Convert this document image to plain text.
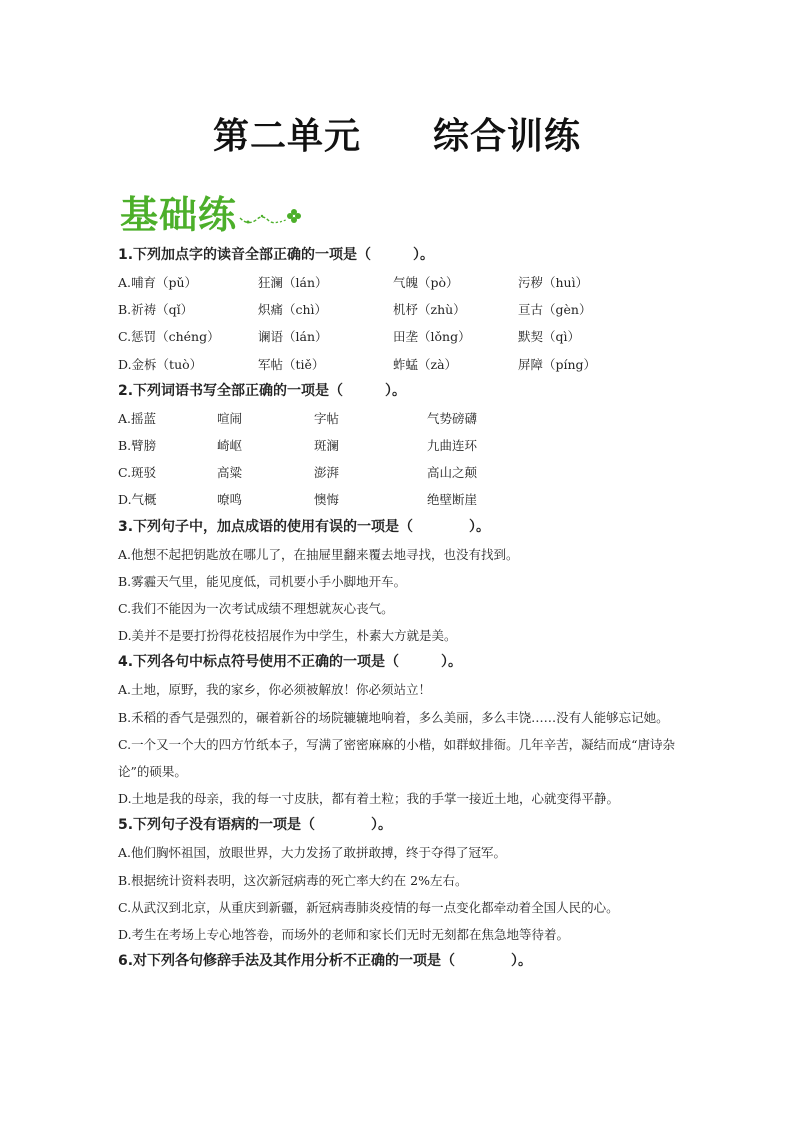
第二单元 综合训练
基础练
1.下列加点字的读音全部正确的一项是（　　　）。
A.哺育（pǔ）	狂澜（lán）	气魄（pò）	污秽（huì）
B.祈祷（qǐ）	炽痛（chì）	机杼（zhù）	亘古（gèn）
C.惩罚（chéng）	谰语（lán）	田垄（lǒng）	默契（qì）
D.金柝（tuò）	军帖（tiě）	蚱蜢（zà）	屏障（píng）
2.下列词语书写全部正确的一项是（　　　）。
A.摇蓝	喧闹	字帖	气势磅礴
B.臂膀	崎岖	斑澜	九曲连环
C.斑驳	高粱	澎湃	高山之颠
D.气概	嘹鸣	懊悔	绝壁断崖
3.下列句子中，加点成语的使用有误的一项是（　　　　）。
A.他想不起把钥匙放在哪儿了，在抽屉里翻来覆去地寻找，也没有找到。
B.雾霾天气里，能见度低，司机要小手小脚地开车。
C.我们不能因为一次考试成绩不理想就灰心丧气。
D.美并不是要打扮得花枝招展作为中学生，朴素大方就是美。
4.下列各句中标点符号使用不正确的一项是（　　　）。
A.土地，原野，我的家乡，你必须被解放！你必须站立！
B.禾稻的香气是强烈的，碾着新谷的场院辘辘地响着，多么美丽，多么丰饶……没有人能够忘记她。
C.一个又一个大的四方竹纸本子，写满了密密麻麻的小楷，如群蚁排衙。几年辛苦，凝结而成“唐诗杂论”的硕果。
D.土地是我的母亲，我的每一寸皮肤，都有着土粒；我的手掌一接近土地，心就变得平静。
5.下列句子没有语病的一项是（　　　　）。
A.他们胸怀祖国，放眼世界，大力发扬了敢拼敢搏，终于夺得了冠军。
B.根据统计资料表明，这次新冠病毒的死亡率大约在 2%左右。
C.从武汉到北京，从重庆到新疆，新冠病毒肺炎疫情的每一点变化都牵动着全国人民的心。
D.考生在考场上专心地答卷，而场外的老师和家长们无时无刻都在焦急地等待着。
6.对下列各句修辞手法及其作用分析不正确的一项是（　　　　）。
